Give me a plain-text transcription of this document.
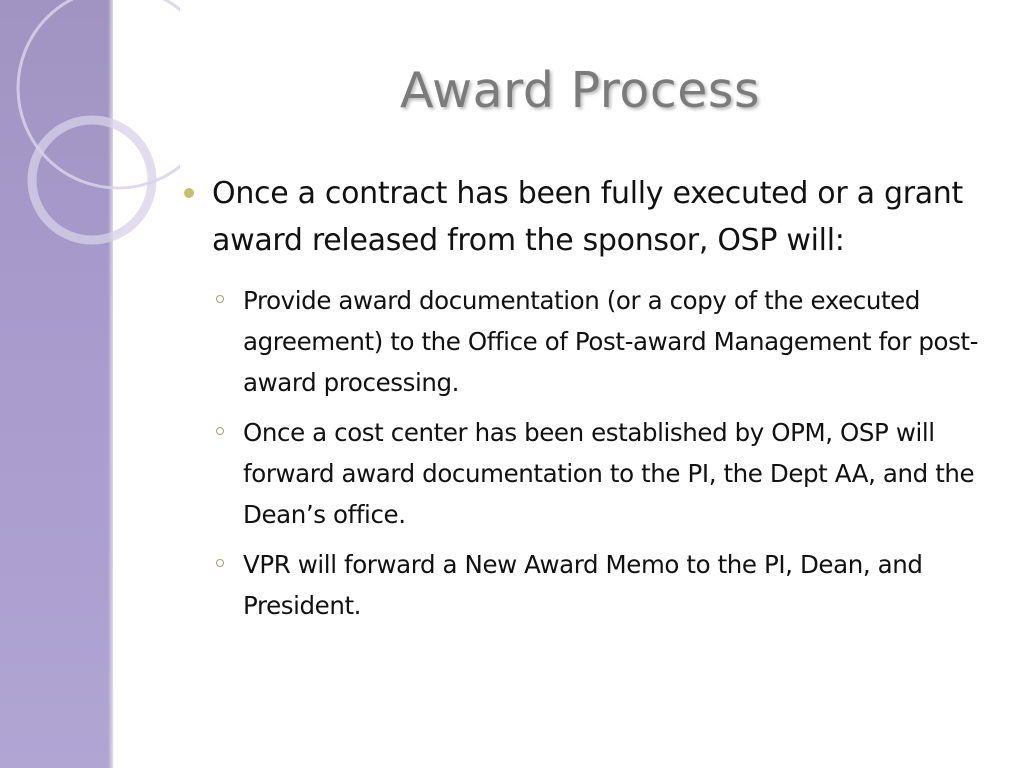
Award Process
Once a contract has been fully executed or a grant award released from the sponsor, OSP will:
Provide award documentation (or a copy of the executed agreement) to the Office of Post-award Management for post-award processing.
Once a cost center has been established by OPM, OSP will forward award documentation to the PI, the Dept AA, and the Dean’s office.
VPR will forward a New Award Memo to the PI, Dean, and President.
